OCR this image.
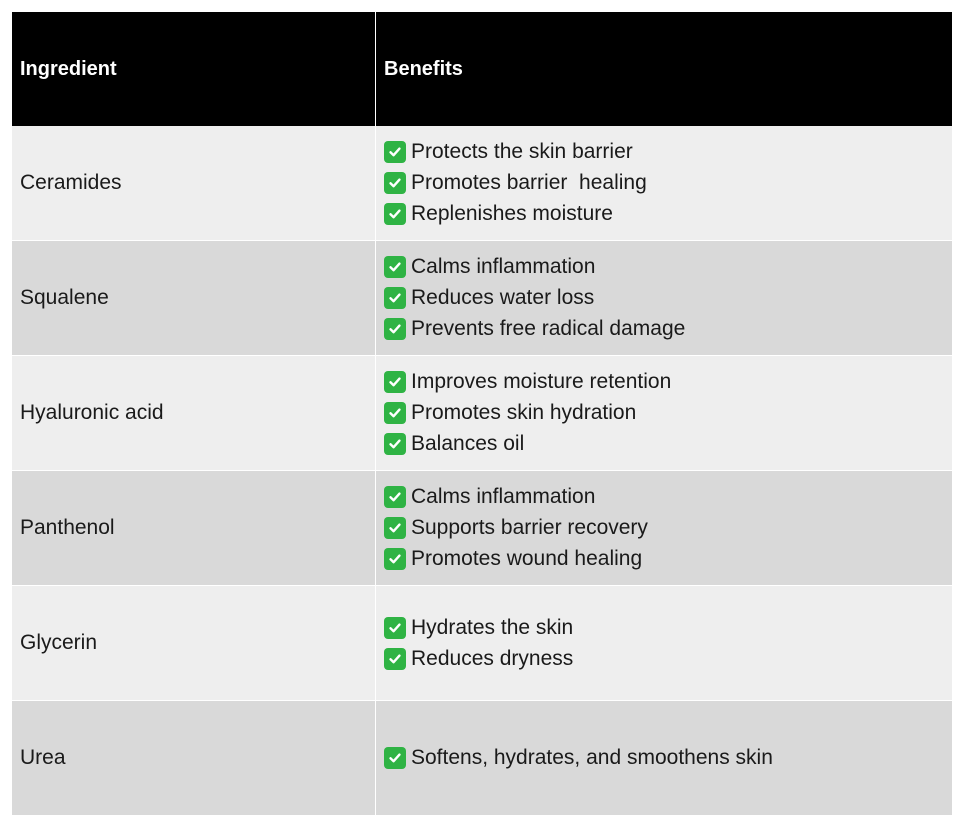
Ingredient	Benefits
Ceramides
Protects the skin barrier
Promotes barrier  healing
Replenishes moisture
Squalene
Calms inflammation
Reduces water loss
Prevents free radical damage
Hyaluronic acid
Improves moisture retention
Promotes skin hydration
Balances oil
Panthenol
Calms inflammation
Supports barrier recovery
Promotes wound healing
Glycerin
Hydrates the skin
Reduces dryness
Urea	Softens, hydrates, and smoothens skin
